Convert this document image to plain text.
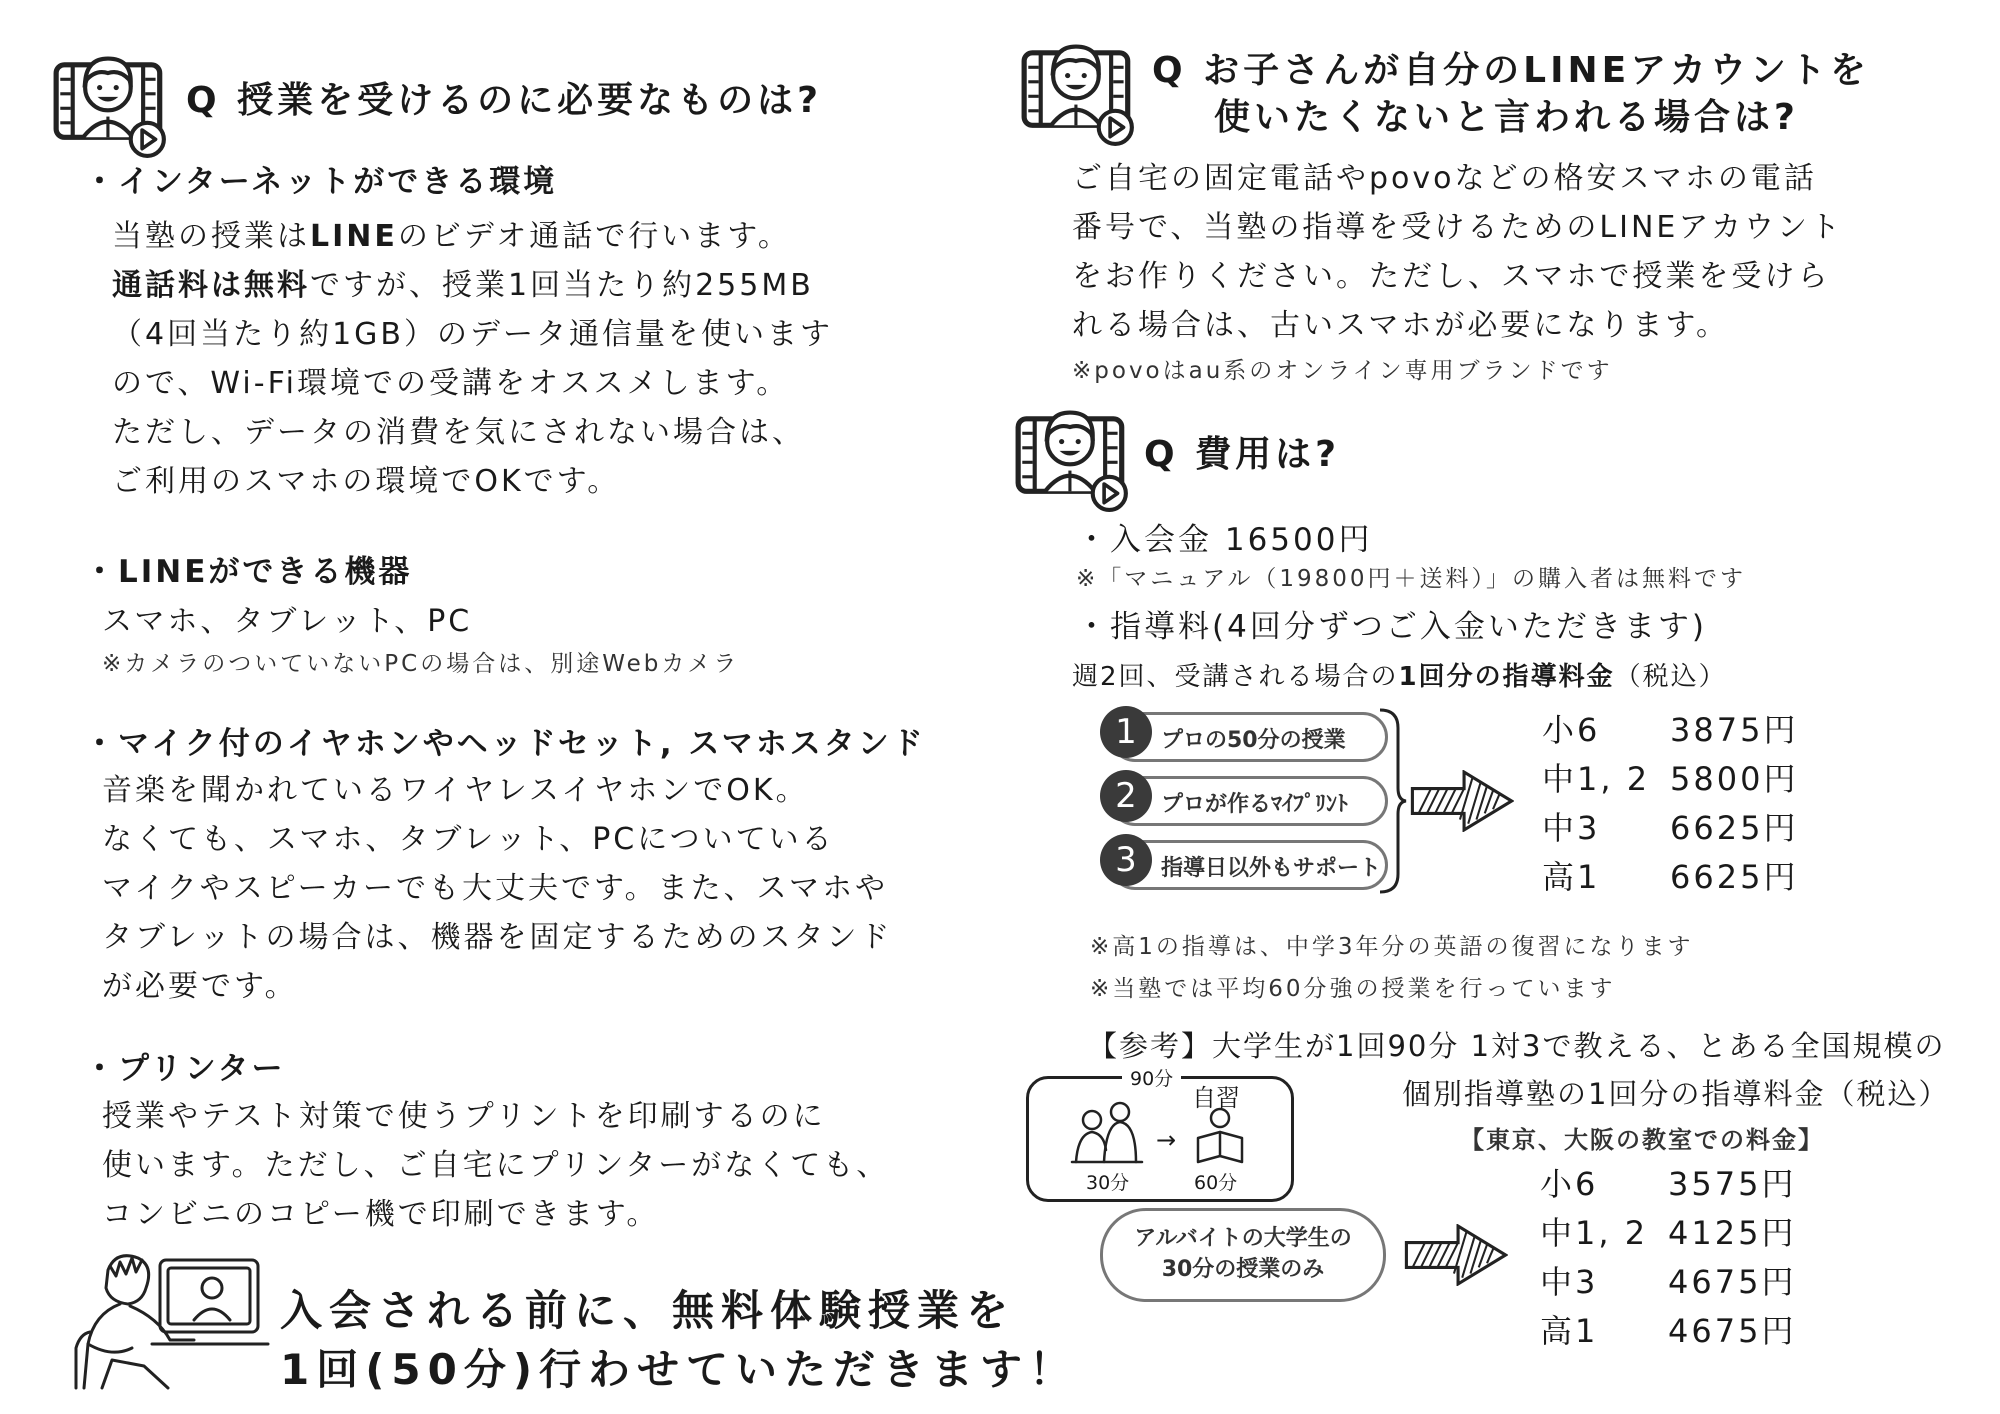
Q 授業を受けるのに必要なものは?
・インターネットができる環境
当塾の授業はLINEのビデオ通話で行います。
通話料は無料ですが、授業1回当たり約255MB
（4回当たり約1GB）のデータ通信量を使います
ので、Wi-Fi環境での受講をオススメします。
ただし、データの消費を気にされない場合は、
ご利用のスマホの環境でOKです。
・LINEができる機器
スマホ、タブレット、PC
※カメラのついていないPCの場合は、別途Webカメラ
・マイク付のイヤホンやヘッドセット, スマホスタンド
音楽を聞かれているワイヤレスイヤホンでOK。
なくても、スマホ、タブレット、PCについている
マイクやスピーカーでも大丈夫です。また、スマホや
タブレットの場合は、機器を固定するためのスタンド
が必要です。
・プリンター
授業やテスト対策で使うプリントを印刷するのに
使います。ただし、ご自宅にプリンターがなくても、
コンビニのコピー機で印刷できます。
入会される前に、無料体験授業を
1回(50分)行わせていただきます！
Q お子さんが自分のLINEアカウントを
使いたくないと言われる場合は?
ご自宅の固定電話やpovoなどの格安スマホの電話
番号で、当塾の指導を受けるためのLINEアカウント
をお作りください。ただし、スマホで授業を受けら
れる場合は、古いスマホが必要になります。
※povoはau系のオンライン専用ブランドです
Q 費用は?
・入会金 16500円
※「マニュアル（19800円＋送料）」の購入者は無料です
・指導料(4回分ずつご入金いただきます)
週2回、受講される場合の1回分の指導料金（税込）
プロの50分の授業
1
プロが作るﾏｲﾌﾟﾘﾝﾄ
2
指導日以外もサポート
3
小6 3875円
中1, 2 5800円
中3 6625円
高1 6625円
※高1の指導は、中学3年分の英語の復習になります
※当塾では平均60分強の授業を行っています
【参考】大学生が1回90分 1対3で教える、とある全国規模の
個別指導塾の1回分の指導料金（税込）
【東京、大阪の教室での料金】
90分
自習
→
30分	60分
アルバイトの大学生の
30分の授業のみ
小6 3575円
中1, 2 4125円
中3 4675円
高1 4675円
